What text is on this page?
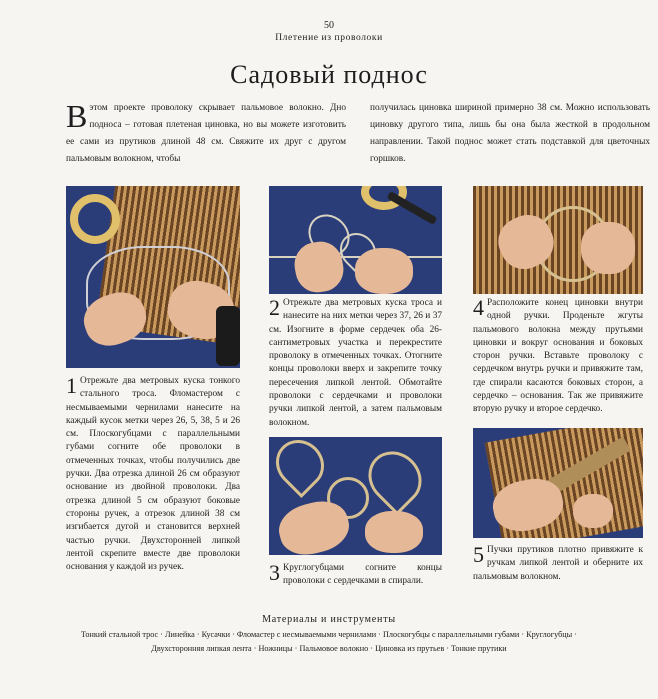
50
Плетение из проволоки
Садовый поднос
В этом проекте проволоку скрывает пальмовое волокно. Дно подноса – готовая плетеная циновка, но вы можете изготовить ее сами из прутиков длиной 48 см. Свяжите их друг с другом пальмовым волокном, чтобы
получилась циновка шириной примерно 38 см. Можно использовать циновку другого типа, лишь бы она была жесткой в продольном направлении. Такой поднос может стать подставкой для цветочных горшков.
1 Отрежьте два метровых куска тонкого стального троса. Фломастером с несмываемыми чернилами нанесите на каждый кусок метки через 26, 5, 38, 5 и 26 см. Плоскогубцами с параллельными губами согните обе проволоки в отмеченных точках, чтобы получились две ручки. Два отрезка длиной 26 см образуют основание из двойной проволоки. Два отрезка длиной 5 см образуют боковые стороны ручек, а отрезок длиной 38 см изгибается дугой и становится верхней частью ручки. Двухсторонней липкой лентой скрепите вместе две проволоки основания у каждой из ручек.
2 Отрежьте два метровых куска троса и нанесите на них метки через 37, 26 и 37 см. Изогните в форме сердечек оба 26-сантиметровых участка и перекрестите проволоку в отмеченных точках. Отогните концы проволоки вверх и закрепите точку пересечения липкой лентой. Обмотайте проволоки с сердечками и проволоки ручки липкой лентой, а затем пальмовым волокном.
3 Круглогубцами согните концы проволоки с сердечками в спирали.
4 Расположите конец циновки внутри одной ручки. Проденьте жгуты пальмового волокна между прутьями циновки и вокруг основания и боковых сторон ручки. Вставьте проволоку с сердечком внутрь ручки и привяжите там, где спирали касаются боковых сторон, а сердечко – основания. Так же привяжите вторую ручку и второе сердечко.
5 Пучки прутиков плотно привяжите к ручкам липкой лентой и оберните их пальмовым волокном.
Материалы и инструменты
Тонкий стальной трос · Линейка · Кусачки · Фломастер с несмываемыми чернилами · Плоскогубцы с параллельными губами · Круглогубцы · Двухсторонняя липкая лента · Ножницы · Пальмовое волокно · Циновка из прутьев · Тонкие прутики
